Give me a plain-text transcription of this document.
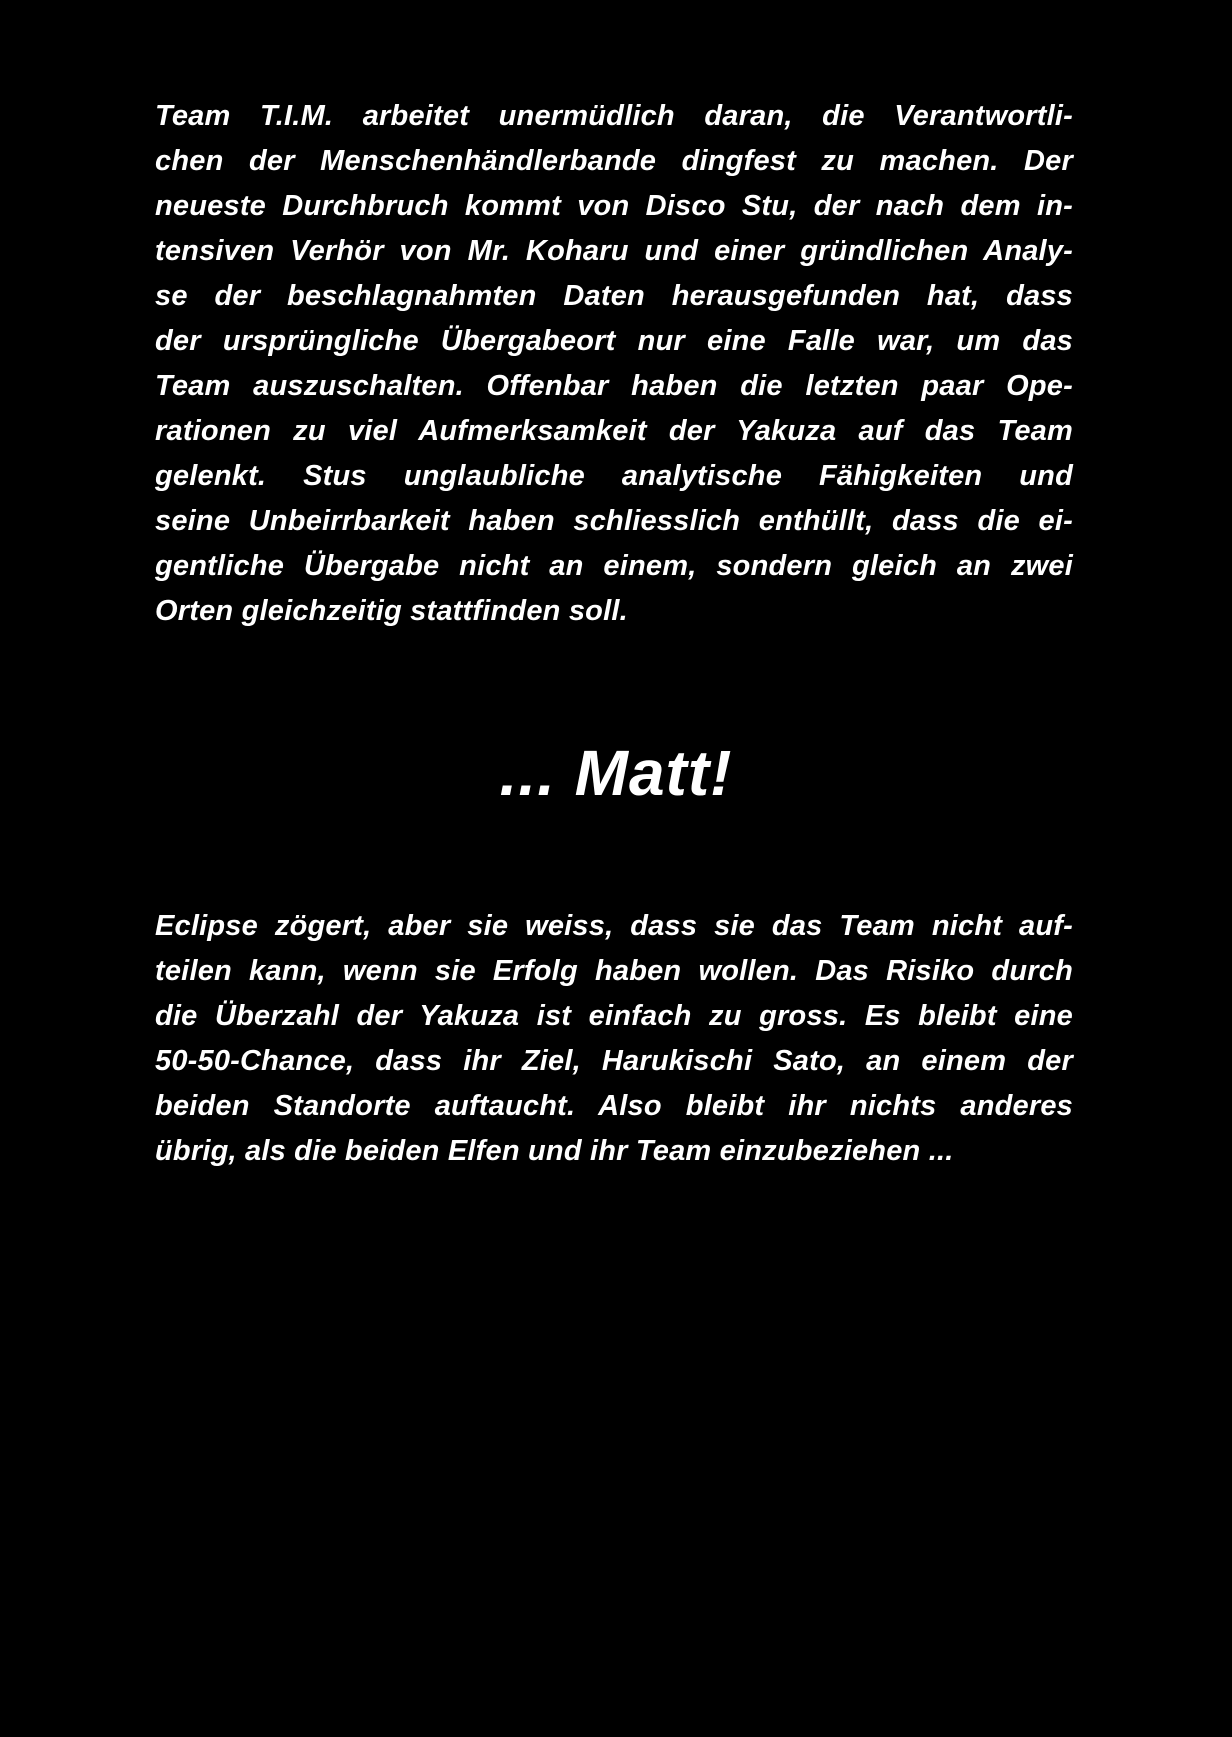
Team T.I.M. arbeitet unermüdlich daran, die Verantwortli-
chen der Menschenhändlerbande dingfest zu machen. Der
neueste Durchbruch kommt von Disco Stu, der nach dem in-
tensiven Verhör von Mr. Koharu und einer gründlichen Analy-
se der beschlagnahmten Daten herausgefunden hat, dass
der ursprüngliche Übergabeort nur eine Falle war, um das
Team auszuschalten. Offenbar haben die letzten paar Ope-
rationen zu viel Aufmerksamkeit der Yakuza auf das Team
gelenkt. Stus unglaubliche analytische Fähigkeiten und
seine Unbeirrbarkeit haben schliesslich enthüllt, dass die ei-
gentliche Übergabe nicht an einem, sondern gleich an zwei
Orten gleichzeitig stattfinden soll.
... Matt!
Eclipse zögert, aber sie weiss, dass sie das Team nicht auf-
teilen kann, wenn sie Erfolg haben wollen. Das Risiko durch
die Überzahl der Yakuza ist einfach zu gross. Es bleibt eine
50-50-Chance, dass ihr Ziel, Harukischi Sato, an einem der
beiden Standorte auftaucht. Also bleibt ihr nichts anderes
übrig, als die beiden Elfen und ihr Team einzubeziehen ...
